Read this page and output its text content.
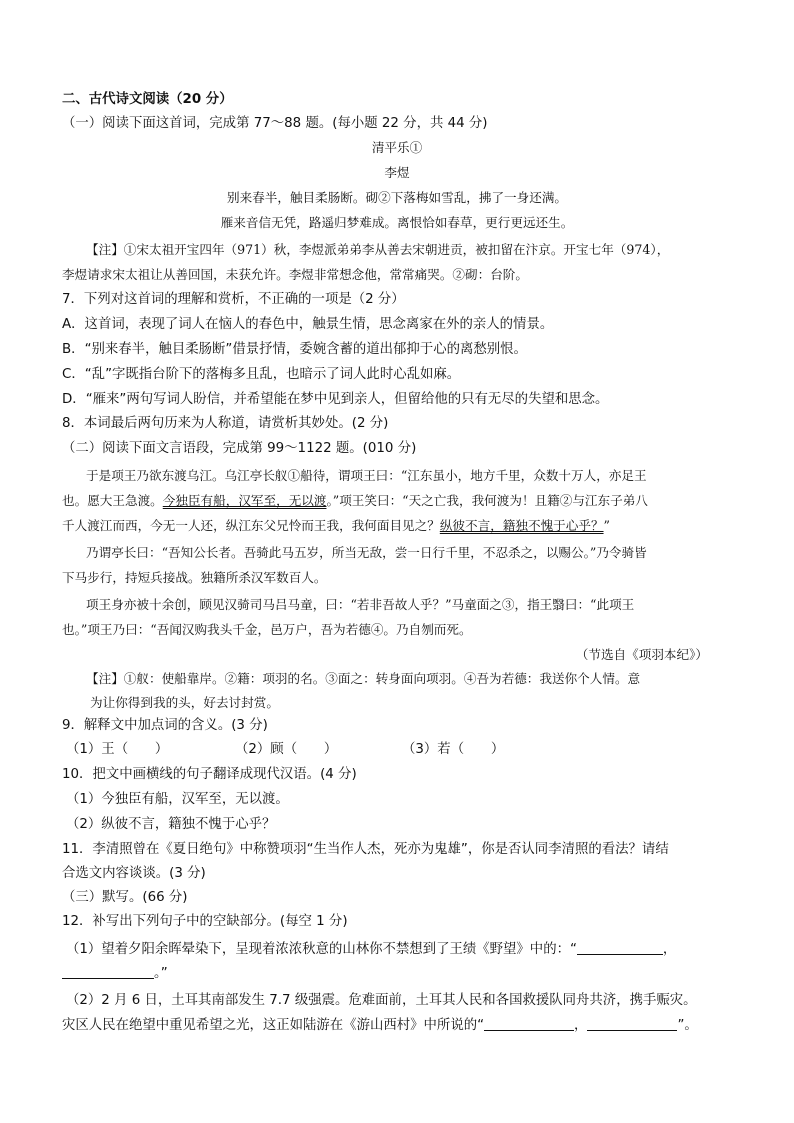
二、古代诗文阅读（20 分）
（一）阅读下面这首词，完成第 77～88 题。(每小题 22 分，共 44 分)
清平乐①
李煜
别来春半，触目柔肠断。砌②下落梅如雪乱，拂了一身还满。
雁来音信无凭，路遥归梦难成。离恨恰如春草，更行更远还生。
【注】①宋太祖开宝四年（971）秋，李煜派弟弟李从善去宋朝进贡，被扣留在汴京。开宝七年（974），
李煜请求宋太祖让从善回国，未获允许。李煜非常想念他，常常痛哭。②砌：台阶。
7．下列对这首词的理解和赏析，不正确的一项是（2 分）
A．这首词，表现了词人在恼人的春色中，触景生情，思念离家在外的亲人的情景。
B．“别来春半，触目柔肠断”借景抒情，委婉含蓄的道出郁抑于心的离愁别恨。
C．“乱”字既指台阶下的落梅多且乱，也暗示了词人此时心乱如麻。
D．“雁来”两句写词人盼信，并希望能在梦中见到亲人，但留给他的只有无尽的失望和思念。
8．本词最后两句历来为人称道，请赏析其妙处。(2 分)
（二）阅读下面文言语段，完成第 99～1122 题。(010 分)
于是项王乃欲东渡乌江。乌江亭长舣①船待，谓项王曰：“江东虽小，地方千里，众数十万人，亦足王
也。愿大王急渡。今独臣有船，汉军至，无以渡。”项王笑曰：“天之亡我，我何渡为！且籍②与江东子弟八
千人渡江而西，今无一人还，纵江东父兄怜而王我，我何面目见之？纵彼不言，籍独不愧于心乎？”
乃谓亭长曰：“吾知公长者。吾骑此马五岁，所当无敌，尝一日行千里，不忍杀之，以赐公。”乃令骑皆
下马步行，持短兵接战。独籍所杀汉军数百人。
项王身亦被十余创，顾见汉骑司马吕马童，曰：“若非吾故人乎？”马童面之③，指王翳曰：“此项王
也。”项王乃曰：“吾闻汉购我头千金，邑万户，吾为若德④。乃自刎而死。
（节选自《项羽本纪》）
【注】①舣：使船靠岸。②籍：项羽的名。③面之：转身面向项羽。④吾为若德：我送你个人情。意
为让你得到我的头，好去讨封赏。
9．解释文中加点词的含义。(3 分)
（1）王（　　）	（2）顾（　　）	（3）若（　　）
10．把文中画横线的句子翻译成现代汉语。(4 分)
（1）今独臣有船，汉军至，无以渡。
（2）纵彼不言，籍独不愧于心乎？
11．李清照曾在《夏日绝句》中称赞项羽“生当作人杰，死亦为鬼雄”，你是否认同李清照的看法？请结
合选文内容谈谈。(3 分)
（三）默写。(66 分)
12．补写出下列句子中的空缺部分。(每空 1 分)
（1）望着夕阳余晖晕染下，呈现着浓浓秋意的山林你不禁想到了王绩《野望》中的：“	，
。”
（2）2 月 6 日，土耳其南部发生 7.7 级强震。危难面前，土耳其人民和各国救援队同舟共济，携手赈灾。
灾区人民在绝望中重见希望之光，这正如陆游在《游山西村》中所说的“	，	”。
